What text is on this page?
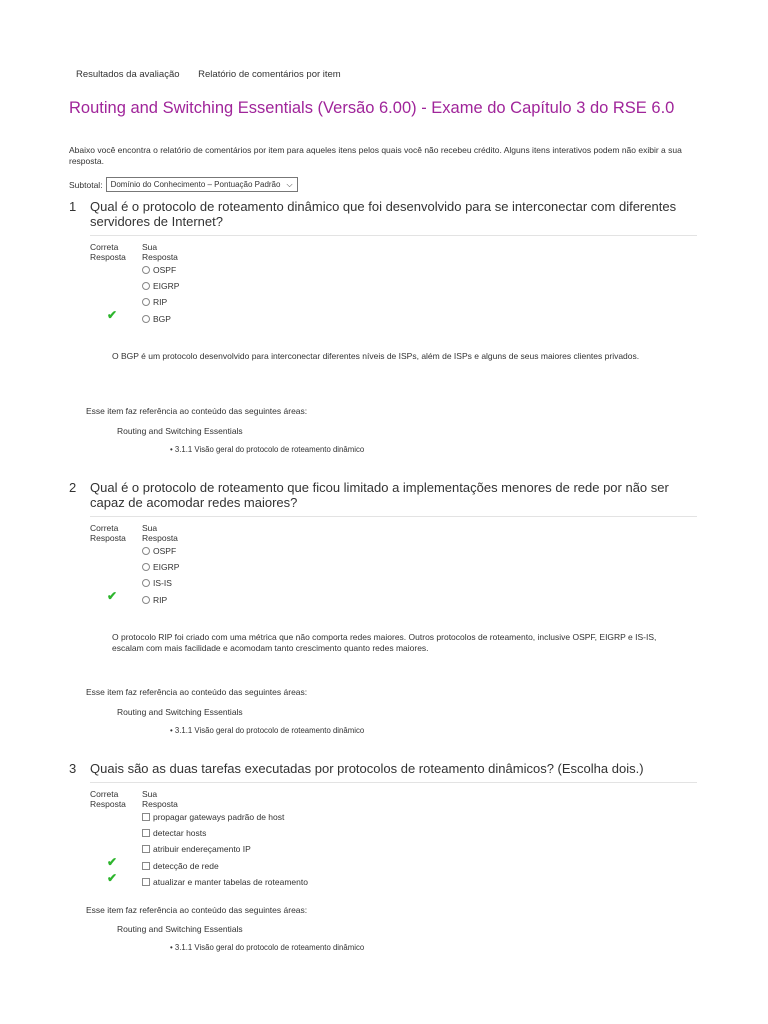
Resultados da avaliação Relatório de comentários por item
Routing and Switching Essentials (Versão 6.00) - Exame do Capítulo 3 do RSE 6.0
Abaixo você encontra o relatório de comentários por item para aqueles itens pelos quais você não recebeu crédito. Alguns itens interativos podem não exibir a sua resposta.
Subtotal: Domínio do Conhecimento – Pontuação Padrão ⌵
1	Qual é o protocolo de roteamento dinâmico que foi desenvolvido para se interconectar com diferentes servidores de Internet?
Correta
Resposta
Sua
Resposta
OSPF
EIGRP
RIP
✔	BGP
O BGP é um protocolo desenvolvido para interconectar diferentes níveis de ISPs, além de ISPs e alguns de seus maiores clientes privados.
Esse item faz referência ao conteúdo das seguintes áreas:
Routing and Switching Essentials
• 3.1.1 Visão geral do protocolo de roteamento dinâmico
2	Qual é o protocolo de roteamento que ficou limitado a implementações menores de rede por não ser capaz de acomodar redes maiores?
Correta
Resposta
Sua
Resposta
OSPF
EIGRP
IS-IS
✔	RIP
O protocolo RIP foi criado com uma métrica que não comporta redes maiores. Outros protocolos de roteamento, inclusive OSPF, EIGRP e IS-IS, escalam com mais facilidade e acomodam tanto crescimento quanto redes maiores.
Esse item faz referência ao conteúdo das seguintes áreas:
Routing and Switching Essentials
• 3.1.1 Visão geral do protocolo de roteamento dinâmico
3	Quais são as duas tarefas executadas por protocolos de roteamento dinâmicos? (Escolha dois.)
Correta
Resposta
Sua
Resposta
propagar gateways padrão de host
detectar hosts
atribuir endereçamento IP
✔	detecção de rede
✔	atualizar e manter tabelas de roteamento
Esse item faz referência ao conteúdo das seguintes áreas:
Routing and Switching Essentials
• 3.1.1 Visão geral do protocolo de roteamento dinâmico
